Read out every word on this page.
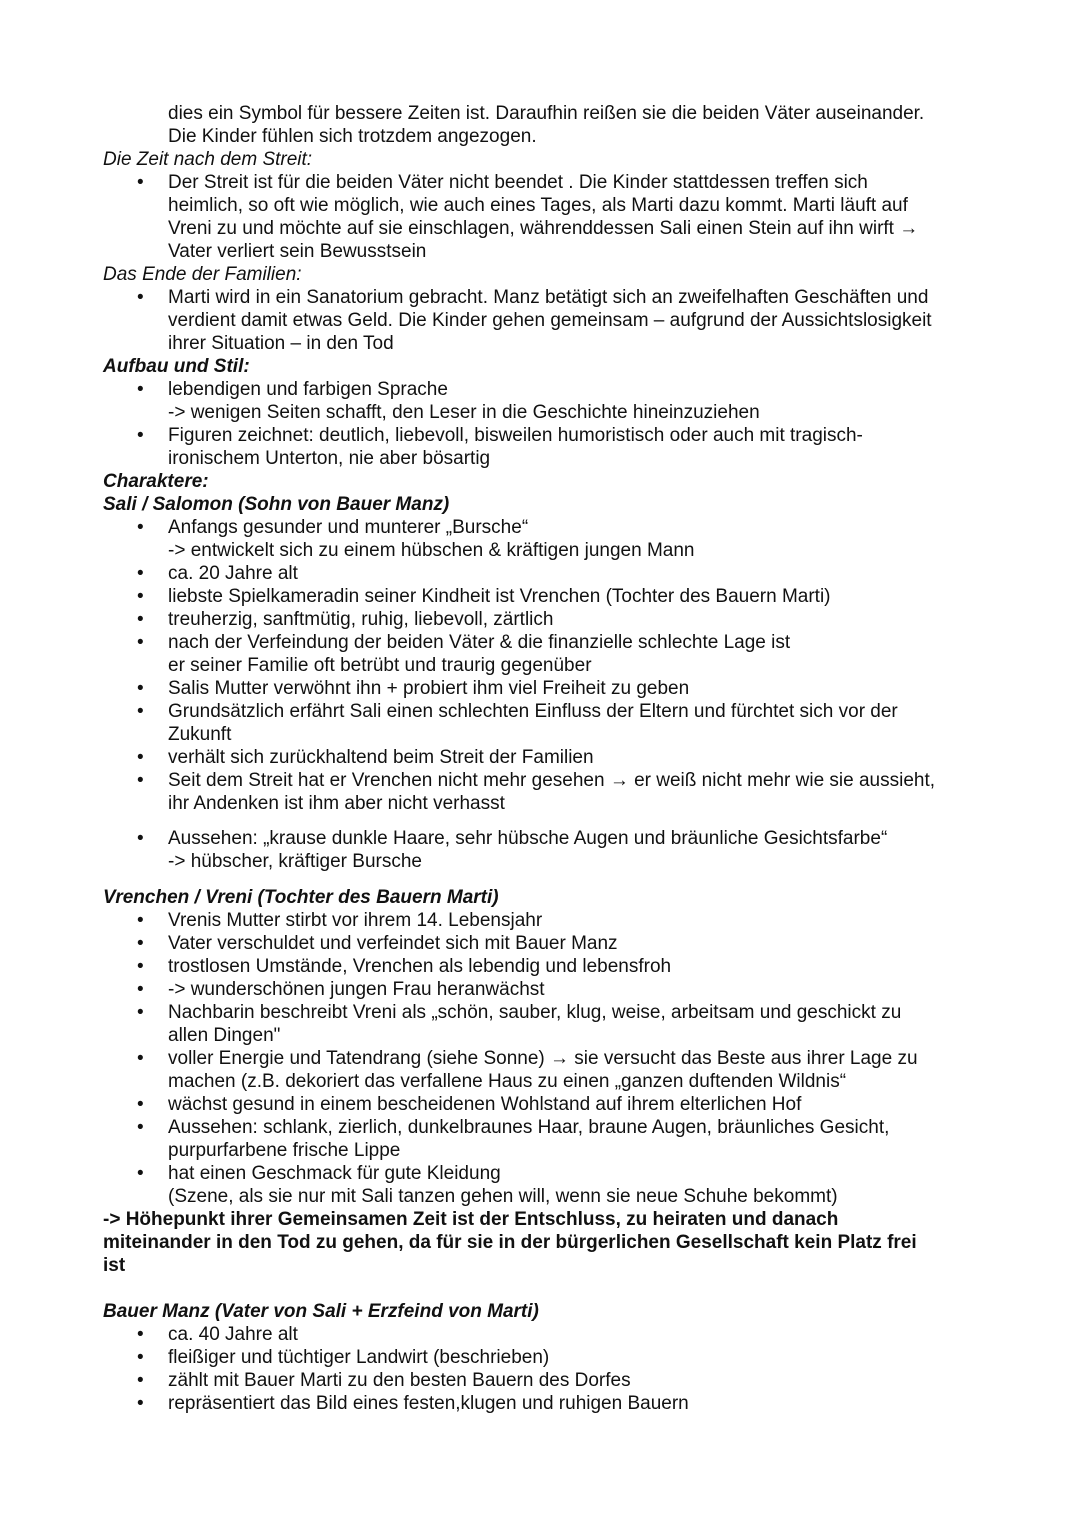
dies ein Symbol für bessere Zeiten ist. Daraufhin reißen sie die beiden Väter auseinander.
Die Kinder fühlen sich trotzdem angezogen.
Die Zeit nach dem Streit:
• Der Streit ist für die beiden Väter nicht beendet . Die Kinder stattdessen treffen sich
heimlich, so oft wie möglich, wie auch eines Tages, als Marti dazu kommt. Marti läuft auf
Vreni zu und möchte auf sie einschlagen, währenddessen Sali einen Stein auf ihn wirft →
Vater verliert sein Bewusstsein
Das Ende der Familien:
• Marti wird in ein Sanatorium gebracht. Manz betätigt sich an zweifelhaften Geschäften und
verdient damit etwas Geld. Die Kinder gehen gemeinsam – aufgrund der Aussichtslosigkeit
ihrer Situation – in den Tod
Aufbau und Stil:
• lebendigen und farbigen Sprache
-> wenigen Seiten schafft, den Leser in die Geschichte hineinzuziehen
• Figuren zeichnet: deutlich, liebevoll, bisweilen humoristisch oder auch mit tragisch-
ironischem Unterton, nie aber bösartig
Charaktere:
Sali / Salomon (Sohn von Bauer Manz)
• Anfangs gesunder und munterer „Bursche“
-> entwickelt sich zu einem hübschen & kräftigen jungen Mann
• ca. 20 Jahre alt
• liebste Spielkameradin seiner Kindheit ist Vrenchen (Tochter des Bauern Marti)
• treuherzig, sanftmütig, ruhig, liebevoll, zärtlich
• nach der Verfeindung der beiden Väter & die finanzielle schlechte Lage ist
er seiner Familie oft betrübt und traurig gegenüber
• Salis Mutter verwöhnt ihn + probiert ihm viel Freiheit zu geben
• Grundsätzlich erfährt Sali einen schlechten Einfluss der Eltern und fürchtet sich vor der
Zukunft
• verhält sich zurückhaltend beim Streit der Familien
• Seit dem Streit hat er Vrenchen nicht mehr gesehen → er weiß nicht mehr wie sie aussieht,
ihr Andenken ist ihm aber nicht verhasst
• Aussehen: „krause dunkle Haare, sehr hübsche Augen und bräunliche Gesichtsfarbe“
-> hübscher, kräftiger Bursche
Vrenchen / Vreni (Tochter des Bauern Marti)
• Vrenis Mutter stirbt vor ihrem 14. Lebensjahr
• Vater verschuldet und verfeindet sich mit Bauer Manz
• trostlosen Umstände, Vrenchen als lebendig und lebensfroh
• -> wunderschönen jungen Frau heranwächst
• Nachbarin beschreibt Vreni als „schön, sauber, klug, weise, arbeitsam und geschickt zu
allen Dingen"
• voller Energie und Tatendrang (siehe Sonne) → sie versucht das Beste aus ihrer Lage zu
machen (z.B. dekoriert das verfallene Haus zu einen „ganzen duftenden Wildnis“
• wächst gesund in einem bescheidenen Wohlstand auf ihrem elterlichen Hof
• Aussehen: schlank, zierlich, dunkelbraunes Haar, braune Augen, bräunliches Gesicht,
purpurfarbene frische Lippe
• hat einen Geschmack für gute Kleidung
(Szene, als sie nur mit Sali tanzen gehen will, wenn sie neue Schuhe bekommt)
-> Höhepunkt ihrer Gemeinsamen Zeit ist der Entschluss, zu heiraten und danach
miteinander in den Tod zu gehen, da für sie in der bürgerlichen Gesellschaft kein Platz frei
ist
Bauer Manz (Vater von Sali + Erzfeind von Marti)
• ca. 40 Jahre alt
• fleißiger und tüchtiger Landwirt (beschrieben)
• zählt mit Bauer Marti zu den besten Bauern des Dorfes
• repräsentiert das Bild eines festen,klugen und ruhigen Bauern
